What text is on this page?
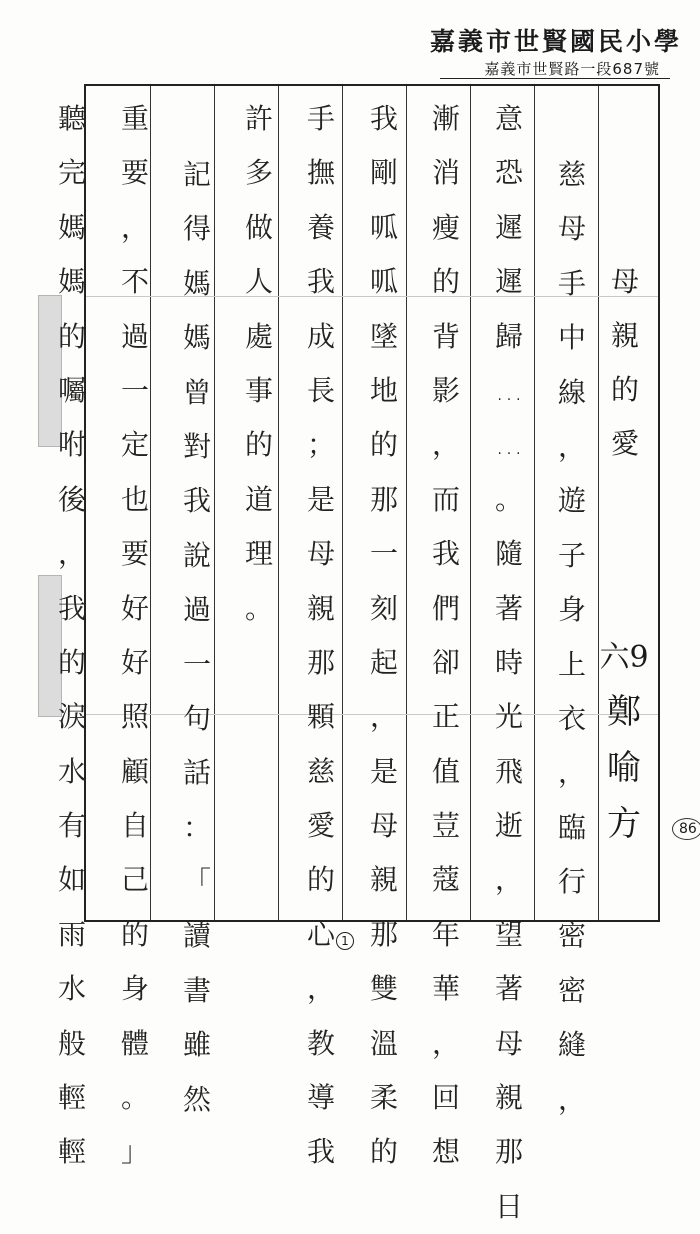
嘉義市世賢國民小學
嘉義市世賢路一段687號
母
親
的
愛
六9
鄭
喻
方
慈
母
手
中
線
，
遊
子
身
上
衣
，
臨
行
密
密
縫
，
意
恐
遲
遲
歸
…
…
。
隨
著
時
光
飛
逝
，
望
著
母
親
那
日
漸
消
瘦
的
背
影
，
而
我
們
卻
正
值
荳
蔻
年
華
，
回
想
我
剛
呱
呱
墜
地
的
那
一
刻
起
，
是
母
親
那
雙
溫
柔
的
手
撫
養
我
成
長
；
是
母
親
那
顆
慈
愛
的
心
，
教
導
我
許
多
做
人
處
事
的
道
理
。
記
得
媽
媽
曾
對
我
說
過
一
句
話
：
「
讀
書
雖
然
重
要
，
不
過
一
定
也
要
好
好
照
顧
自
己
的
身
體
。
」
聽
完
媽
媽
的
囑
咐
後
，
我
的
淚
水
有
如
雨
水
般
輕
輕
86
1
